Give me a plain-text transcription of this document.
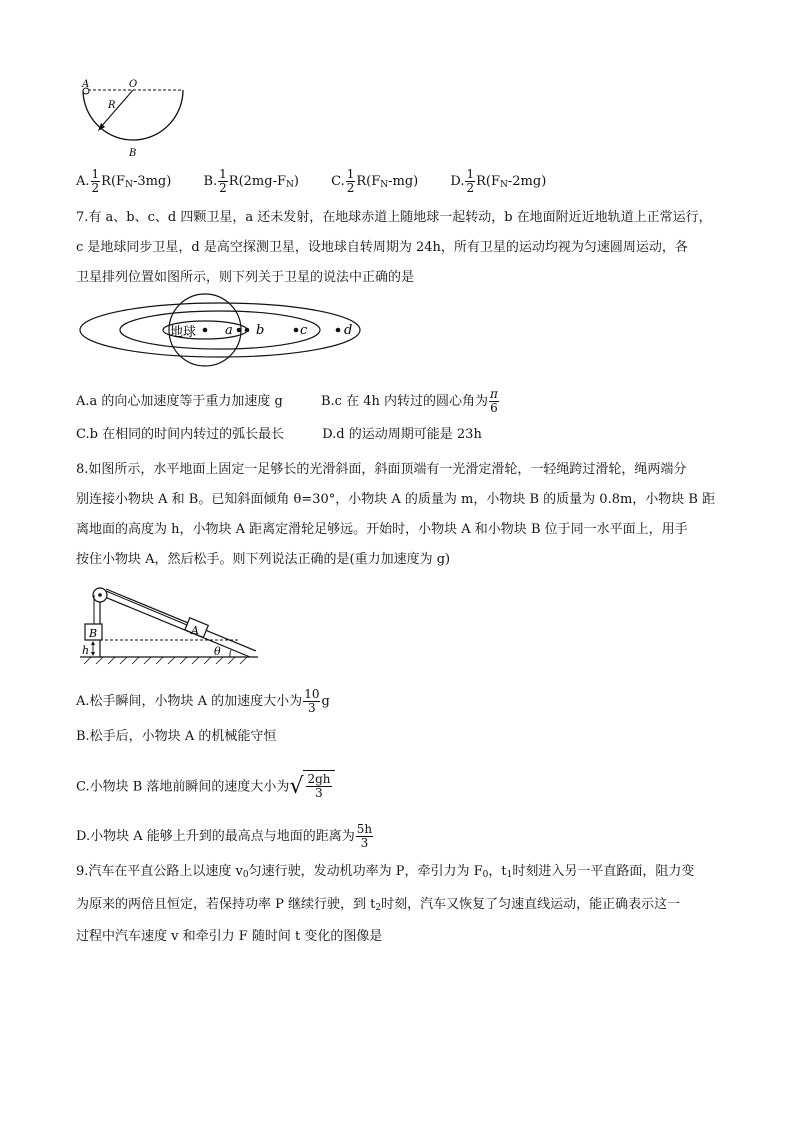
A	O
R
B
A. $\frac{1}{2} R(F_N-3mg)$ B. $\frac{1}{2} R(2mg-F_N)$ C. $\frac{1}{2} R(F_N-mg)$ D. $\frac{1}{2} R(F_N-2mg)$
7.有 a、b、c、d 四颗卫星，a 还未发射，在地球赤道上随地球一起转动，b 在地面附近近地轨道上正常运行，
c 是地球同步卫星，d 是高空探测卫星，设地球自转周期为 24h，所有卫星的运动均视为匀速圆周运动，各
卫星排列位置如图所示，则下列关于卫星的说法中正确的是
地球 a b	c	d
A.a 的向心加速度等于重力加速度 g	B.c 在 4h 内转过的圆心角为 $\frac{\pi}{6}$
C.b 在相同的时间内转过的弧长最长	D.d 的运动周期可能是 23h
8.如图所示，水平地面上固定一足够长的光滑斜面，斜面顶端有一光滑定滑轮，一轻绳跨过滑轮，绳两端分
别连接小物块 A 和 B。已知斜面倾角 θ=30°，小物块 A 的质量为 m，小物块 B 的质量为 0.8m，小物块 B 距
离地面的高度为 h，小物块 A 距离定滑轮足够远。开始时，小物块 A 和小物块 B 位于同一水平面上，用手
按住小物块 A，然后松手。则下列说法正确的是(重力加速度为 g)
B	A
h	θ
A.松手瞬间，小物块 A 的加速度大小为 $\frac{10}{3}$ g
B.松手后，小物块 A 的机械能守恒
C.小物块 B 落地前瞬间的速度大小为 √ $\frac{2gh}{3}$
D.小物块 A 能够上升到的最高点与地面的距离为 $\frac{5h}{3}$
9.汽车在平直公路上以速度 $v_0$匀速行驶，发动机功率为 P，牵引力为 $F_0$，$t_1$时刻进入另一平直路面，阻力变
为原来的两倍且恒定，若保持功率 P 继续行驶，到 $t_2$时刻，汽车又恢复了匀速直线运动，能正确表示这一
过程中汽车速度 v 和牵引力 F 随时间 t 变化的图像是
